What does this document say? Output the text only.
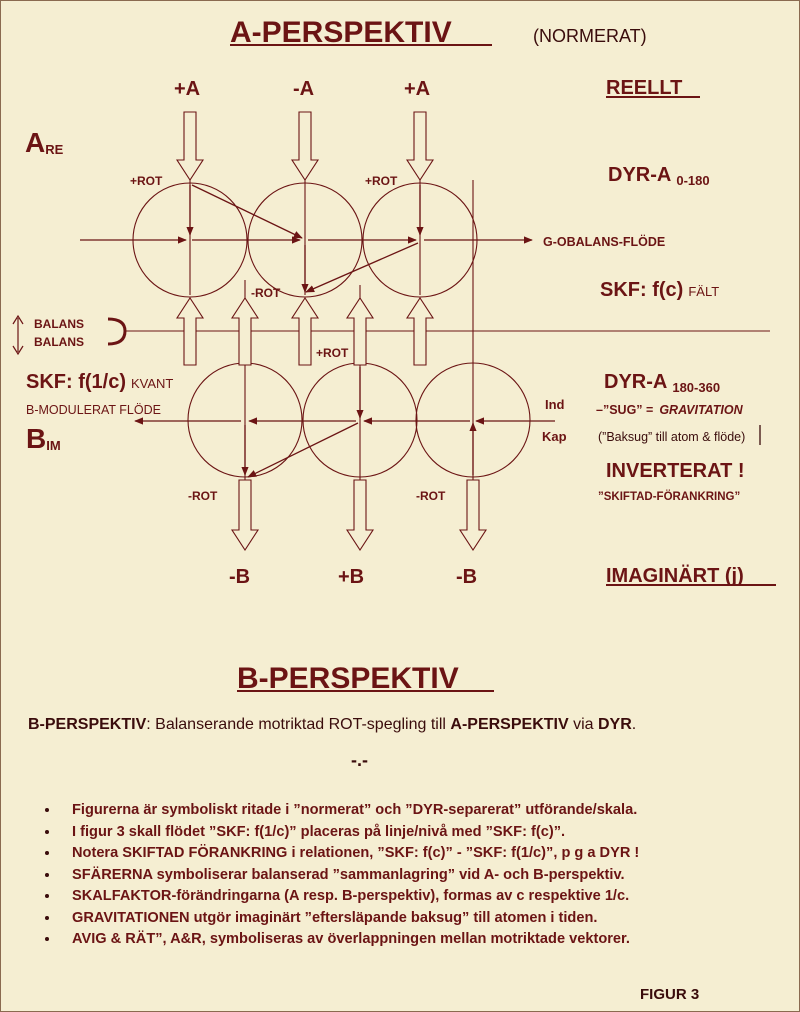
A-PERSPEKTIV	(NORMERAT)
+A	-A	+A	REELLT
ARE
DYR-A $_{0-180}$
+ROT	+ROT
G-OBALANS-FLÖDE
-ROT	SKF: f(c) FÄLT
BALANS
BALANS
+ROT
SKF: f(1/c) KVANT	DYR-A $_{180-360}$
Ind
Kap
B-MODULERAT FLÖDE	–”SUG” = GRAVITATION
(”Baksug” till atom & flöde)
BIM
INVERTERAT !
”SKIFTAD-FÖRANKRING”
-ROT	-ROT
-B	+B	-B	IMAGINÄRT (j)
B-PERSPEKTIV
B-PERSPEKTIV: Balanserande motriktad ROT-spegling till A-PERSPEKTIV via DYR.
-.-
• Figurerna är symboliskt ritade i ”normerat” och ”DYR-separerat” utförande/skala.
• I figur 3 skall flödet ”SKF: f(1/c)” placeras på linje/nivå med ”SKF: f(c)”.
• Notera SKIFTAD FÖRANKRING i relationen, ”SKF: f(c)” - ”SKF: f(1/c)”, p g a DYR !
• SFÄRERNA symboliserar balanserad ”sammanlagring” vid A- och B-perspektiv.
• SKALFAKTOR-förändringarna (A resp. B-perspektiv), formas av c respektive 1/c.
• GRAVITATIONEN utgör imaginärt ”eftersläpande baksug” till atomen i tiden.
• AVIG & RÄT”, A&R, symboliseras av överlappningen mellan motriktade vektorer.
FIGUR 3
